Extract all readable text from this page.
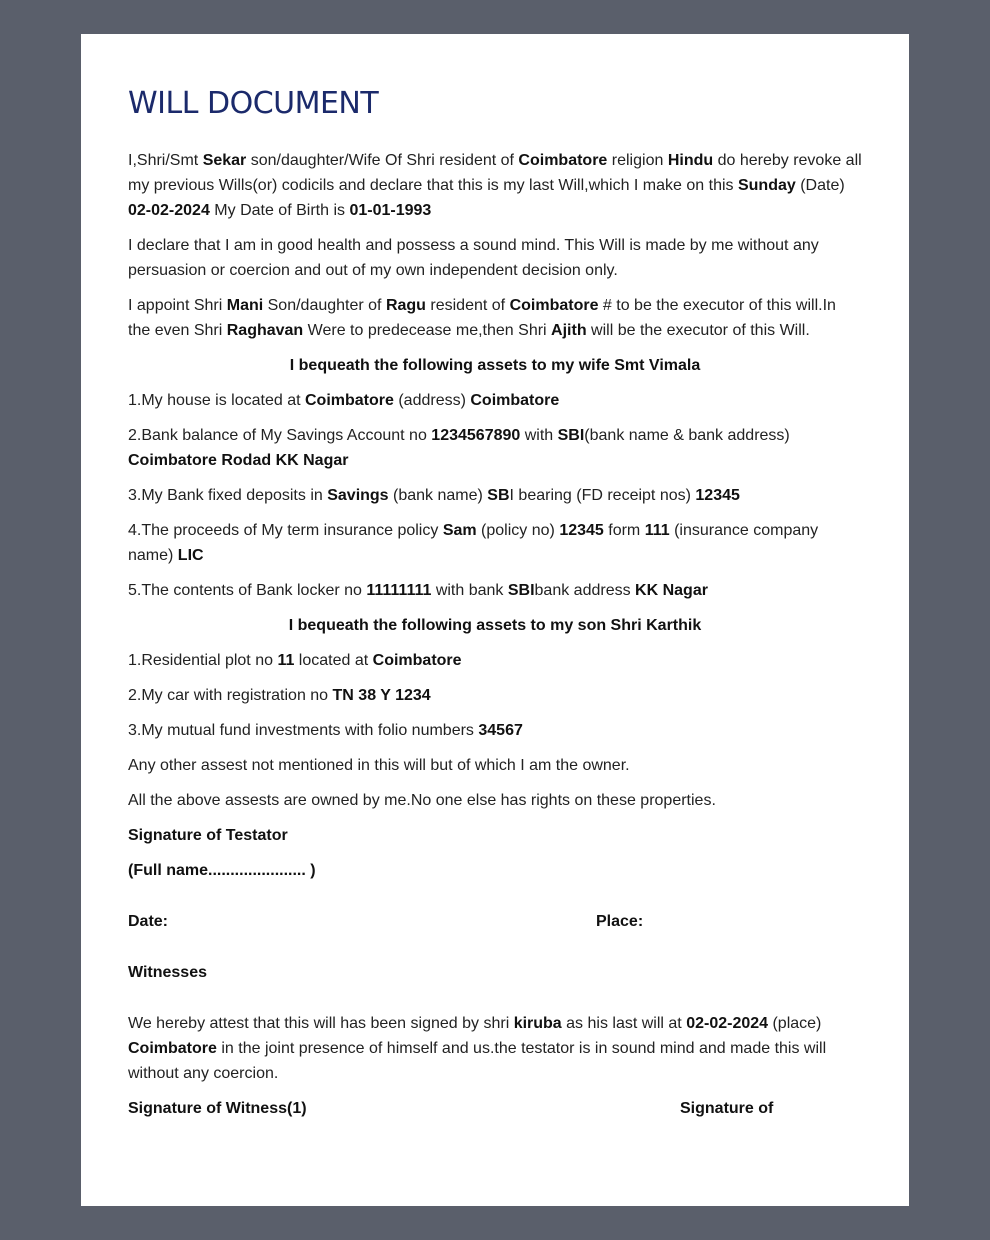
WILL DOCUMENT

I,Shri/Smt Sekar son/daughter/Wife Of Shri resident of Coimbatore religion Hindu do hereby revoke all my previous Wills(or) codicils and declare that this is my last Will,which I make on this Sunday (Date) 02-02-2024 My Date of Birth is 01-01-1993

I declare that I am in good health and possess a sound mind. This Will is made by me without any persuasion or coercion and out of my own independent decision only.

I appoint Shri Mani Son/daughter of Ragu resident of Coimbatore # to be the executor of this will.In the even Shri Raghavan Were to predecease me,then Shri Ajith will be the executor of this Will.

I bequeath the following assets to my wife Smt Vimala

1.My house is located at Coimbatore (address) Coimbatore

2.Bank balance of My Savings Account no 1234567890 with SBI(bank name & bank address) Coimbatore Rodad KK Nagar

3.My Bank fixed deposits in Savings (bank name) SBI bearing (FD receipt nos) 12345

4.The proceeds of My term insurance policy Sam (policy no) 12345 form 111 (insurance company name) LIC

5.The contents of Bank locker no 11111111 with bank SBIbank address KK Nagar

I bequeath the following assets to my son Shri Karthik

1.Residential plot no 11 located at Coimbatore

2.My car with registration no TN 38 Y 1234

3.My mutual fund investments with folio numbers 34567

Any other assest not mentioned in this will but of which I am the owner.

All the above assests are owned by me.No one else has rights on these properties.

Signature of Testator

(Full name...................... )

Date:	Place:

Witnesses

We hereby attest that this will has been signed by shri kiruba as his last will at 02-02-2024 (place) Coimbatore in the joint presence of himself and us.the testator is in sound mind and made this will without any coercion.

Signature of Witness(1)	Signature of
